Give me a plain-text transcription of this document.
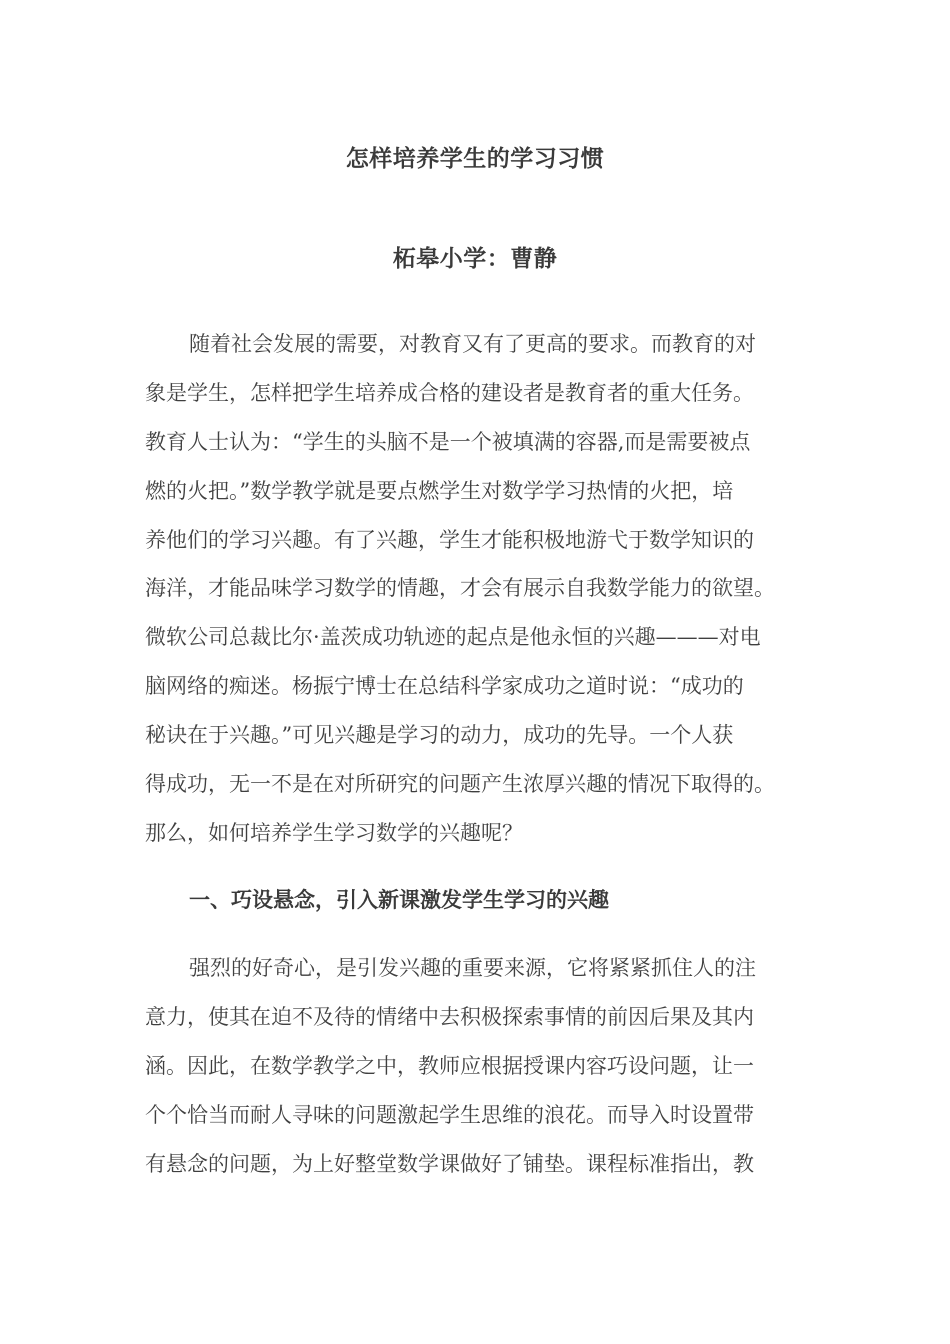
怎样培养学生的学习习惯
柘皋小学：曹静
随着社会发展的需要，对教育又有了更高的要求。而教育的对
象是学生，怎样把学生培养成合格的建设者是教育者的重大任务。
教育人士认为：“学生的头脑不是一个被填满的容器,而是需要被点
燃的火把。”数学教学就是要点燃学生对数学学习热情的火把，培
养他们的学习兴趣。有了兴趣，学生才能积极地游弋于数学知识的
海洋，才能品味学习数学的情趣，才会有展示自我数学能力的欲望。
微软公司总裁比尔·盖茨成功轨迹的起点是他永恒的兴趣———对电
脑网络的痴迷。杨振宁博士在总结科学家成功之道时说：“成功的
秘诀在于兴趣。”可见兴趣是学习的动力，成功的先导。一个人获
得成功，无一不是在对所研究的问题产生浓厚兴趣的情况下取得的。
那么，如何培养学生学习数学的兴趣呢？
一、巧设悬念，引入新课激发学生学习的兴趣
强烈的好奇心，是引发兴趣的重要来源，它将紧紧抓住人的注
意力，使其在迫不及待的情绪中去积极探索事情的前因后果及其内
涵。因此，在数学教学之中，教师应根据授课内容巧设问题，让一
个个恰当而耐人寻味的问题激起学生思维的浪花。而导入时设置带
有悬念的问题，为上好整堂数学课做好了铺垫。课程标准指出，教
